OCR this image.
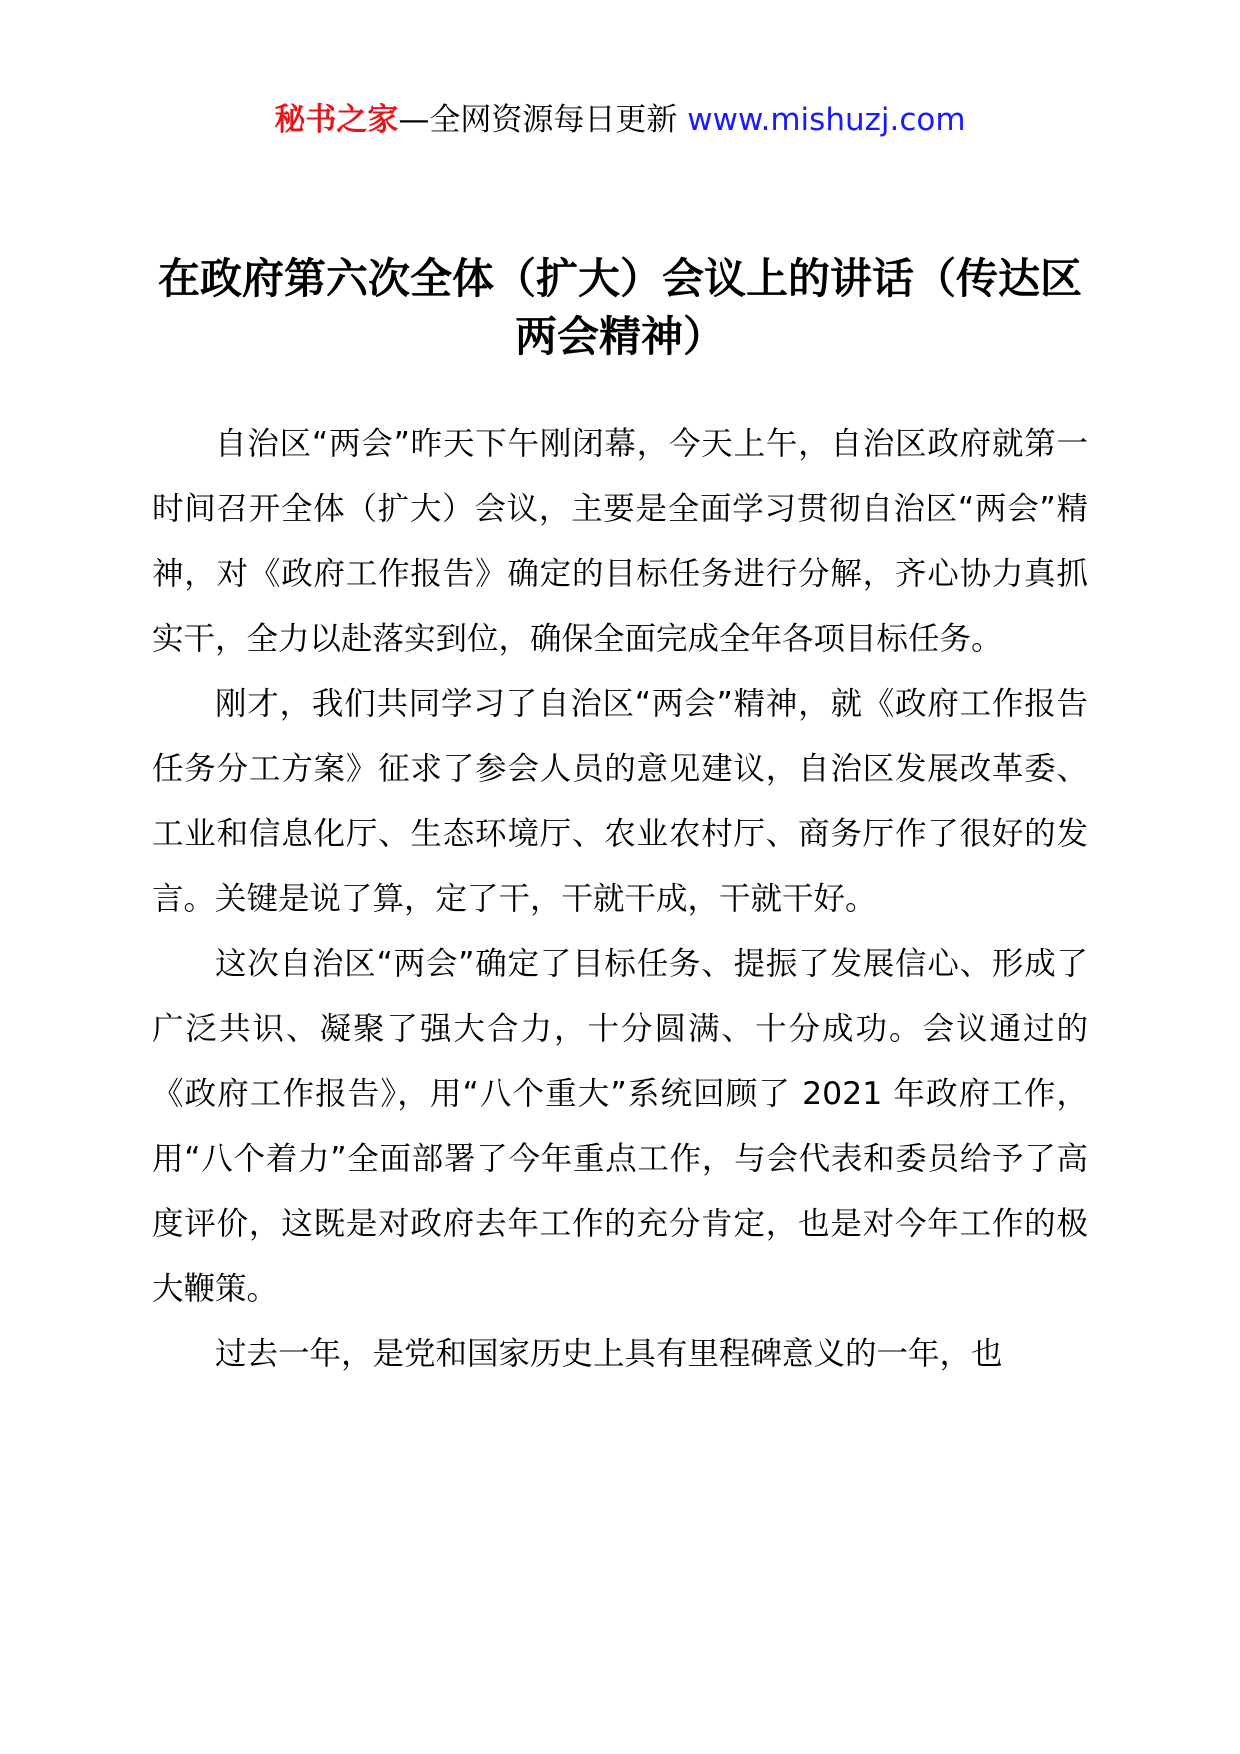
秘书之家—全网资源每日更新 www.mishuzj.com
在政府第六次全体（扩大）会议上的讲话（传达区两会精神）

自治区“两会”昨天下午刚闭幕，今天上午，自治区政府就第一时间召开全体（扩大）会议，主要是全面学习贯彻自治区“两会”精神，对《政府工作报告》确定的目标任务进行分解，齐心协力真抓实干，全力以赴落实到位，确保全面完成全年各项目标任务。

刚才，我们共同学习了自治区“两会”精神，就《政府工作报告任务分工方案》征求了参会人员的意见建议，自治区发展改革委、工业和信息化厅、生态环境厅、农业农村厅、商务厅作了很好的发言。关键是说了算，定了干，干就干成，干就干好。

这次自治区“两会”确定了目标任务、提振了发展信心、形成了广泛共识、凝聚了强大合力，十分圆满、十分成功。会议通过的《政府工作报告》，用“八个重大”系统回顾了 2021 年政府工作，用“八个着力”全面部署了今年重点工作，与会代表和委员给予了高度评价，这既是对政府去年工作的充分肯定，也是对今年工作的极大鞭策。

过去一年，是党和国家历史上具有里程碑意义的一年，也
